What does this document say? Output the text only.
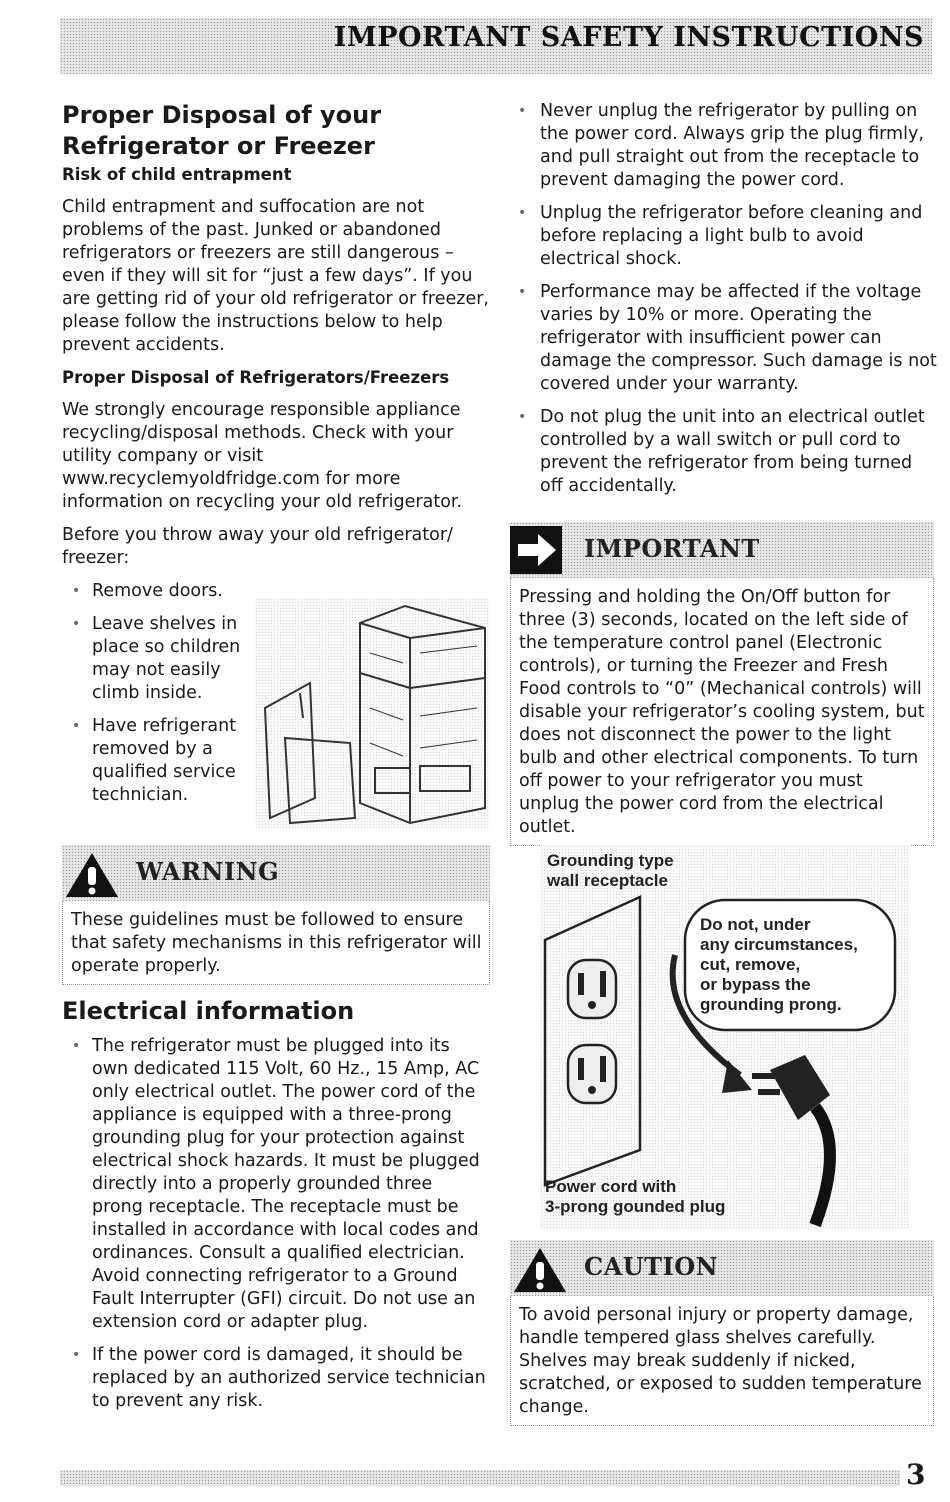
IMPORTANT SAFETY INSTRUCTIONS
Proper Disposal of your
Refrigerator or Freezer
Risk of child entrapment

Child entrapment and suffocation are not problems of the past. Junked or abandoned refrigerators or freezers are still dangerous – even if they will sit for “just a few days”. If you are getting rid of your old refrigerator or freezer, please follow the instructions below to help prevent accidents.

Proper Disposal of Refrigerators/Freezers

We strongly encourage responsible appliance recycling/disposal methods. Check with your utility company or visit www.recyclemyoldfridge.com for more information on recycling your old refrigerator.

Before you throw away your old refrigerator/ freezer:

• Remove doors.
• Leave shelves in place so children may not easily climb inside.
• Have refrigerant removed by a qualified service technician.
WARNING
These guidelines must be followed to ensure that safety mechanisms in this refrigerator will operate properly.
Electrical information
• The refrigerator must be plugged into its own dedicated 115 Volt, 60 Hz., 15 Amp, AC only electrical outlet. The power cord of the appliance is equipped with a three-prong grounding plug for your protection against electrical shock hazards. It must be plugged directly into a properly grounded three prong receptacle. The receptacle must be installed in accordance with local codes and ordinances. Consult a qualified electrician. Avoid connecting refrigerator to a Ground Fault Interrupter (GFI) circuit. Do not use an extension cord or adapter plug.
• If the power cord is damaged, it should be replaced by an authorized service technician to prevent any risk.
• Never unplug the refrigerator by pulling on the power cord. Always grip the plug firmly, and pull straight out from the receptacle to prevent damaging the power cord.
• Unplug the refrigerator before cleaning and before replacing a light bulb to avoid electrical shock.
• Performance may be affected if the voltage varies by 10% or more. Operating the refrigerator with insufficient power can damage the compressor. Such damage is not covered under your warranty.
• Do not plug the unit into an electrical outlet controlled by a wall switch or pull cord to prevent the refrigerator from being turned off accidentally.
IMPORTANT
Pressing and holding the On/Off button for three (3) seconds, located on the left side of the temperature control panel (Electronic controls), or turning the Freezer and Fresh Food controls to “0” (Mechanical controls) will disable your refrigerator’s cooling system, but does not disconnect the power to the light bulb and other electrical components. To turn off power to your refrigerator you must unplug the power cord from the electrical outlet.
Grounding type
wall receptacle
Do not, under
any circumstances,
cut, remove,
or bypass the
grounding prong.
Power cord with
3-prong gounded plug
CAUTION
To avoid personal injury or property damage, handle tempered glass shelves carefully. Shelves may break suddenly if nicked, scratched, or exposed to sudden temperature change.
3
